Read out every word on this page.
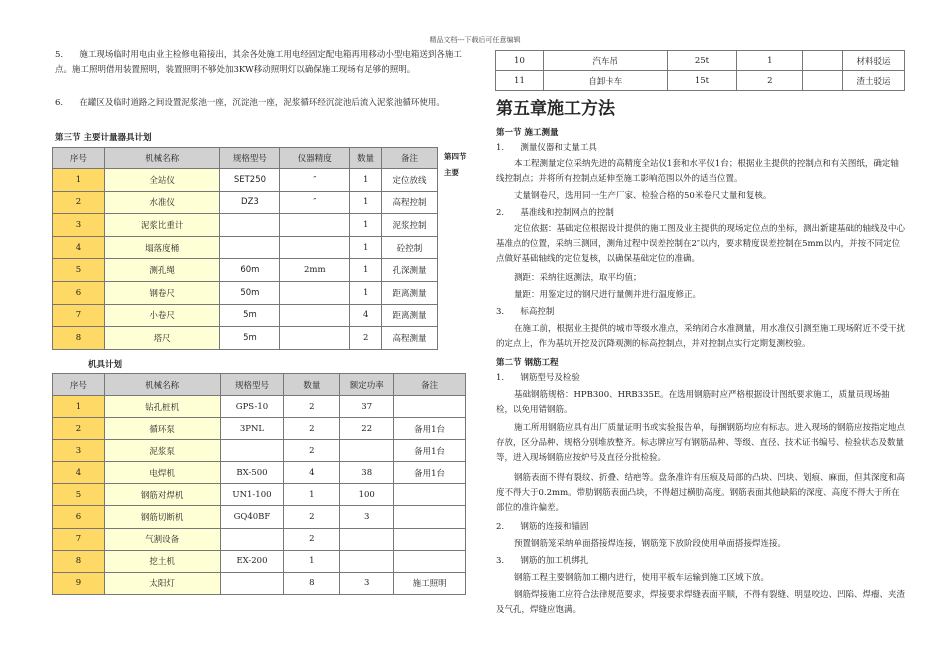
精品文档---下载后可任意编辑

5.      施工现场临时用电由业主检修电箱接出，其余各处施工用电经固定配电箱再用移动小型电箱送到各施工点。施工照明借用装置照明，装置照明不够处加3KW移动照明灯以确保施工现场有足够的照明。

6.      在罐区及临时道路之间设置泥浆池一座，沉淀池一座，泥浆循环经沉淀池后流入泥浆池循环使用。

第三节 主要计量器具计划
序号	机械名称	规格型号	仪器精度	数量	备注
1	全站仪	SET250	″	1	定位放线
2	水准仪	DZ3	″	1	高程控制
3	泥浆比重计			1	泥浆控制
4	塌落度桶			1	砼控制
5	测孔绳	60m	2mm	1	孔深测量
6	钢卷尺	50m		1	距离测量
7	小卷尺	5m		4	距离测量
8	塔尺	5m		2	高程测量
第四节
主要
机具计划
序号	机械名称	规格型号	数量	额定功率	备注
1	钻孔桩机	GPS-10	2	37	
2	循环泵	3PNL	2	22	备用1台
3	泥浆泵		2		备用1台
4	电焊机	BX-500	4	38	备用1台
5	钢筋对焊机	UN1-100	1	100	
6	钢筋切断机	GQ40BF	2	3	
7	气割设备		2		
8	挖土机	EX-200	1		
9	太阳灯		8	3	施工照明
10	汽车吊	25t	1		材料驳运
11	自卸卡车	15t	2		渣土驳运
第五章施工方法
第一节 施工测量

1.      测量仪器和丈量工具

本工程测量定位采纳先进的高精度全站仪1套和水平仪1台；根据业主提供的控制点和有关图纸，确定轴线控制点；并将所有控制点延伸至施工影响范围以外的适当位置。

丈量钢卷尺，选用同一生产厂家、检验合格的50米卷尺丈量和复核。

2.      基准线和控制网点的控制

定位依据：基础定位根据设计提供的施工图及业主提供的现场定位点的坐标，测出新建基础的轴线及中心基准点的位置，采纳三测回，测角过程中误差控制在2″以内，要求精度误差控制在5mm以内，并按不同定位点做好基础轴线的定位复核，以确保基础定位的准确。

测距：采纳往返测法，取平均值；

量距：用鉴定过的钢尺进行量侧并进行温度修正。

3.      标高控制

在施工前，根据业主提供的城市等级水准点，采纳闭合水准测量，用水准仪引测至施工现场附近不受干扰的定点上，作为基坑开挖及沉降观测的标高控制点，并对控制点实行定期复测校验。

第二节 钢筋工程

1.      钢筋型号及检验

基础钢筋规格：HPB300、HRB335E。在选用钢筋时应严格根据设计图纸要求施工，质量员现场抽检，以免用错钢筋。

施工所用钢筋应具有出厂质量证明书或实验报告单，每捆钢筋均应有标志。进入现场的钢筋应按指定地点存放，区分品种、规格分别堆放整齐。标志牌应写有钢筋品种、等级、直径、技术证书编号、检验状态及数量等，进入现场钢筋应按炉号及直径分批检验。

钢筋表面不得有裂纹、折叠、结疤等。盘条准许有压痕及局部的凸块、凹块、划痕、麻面，但其深度和高度不得大于0.2mm。带肋钢筋表面凸块，不得超过横肋高度。钢筋表面其他缺陷的深度、高度不得大于所在部位的准许偏差。

2.      钢筋的连接和锚固

预置钢筋笼采纳单面搭接焊连接，钢筋笼下放阶段使用单面搭接焊连接。

3.      钢筋的加工机绑扎

钢筋工程主要钢筋加工棚内进行，使用平板车运输到施工区域下放。

钢筋焊接施工应符合法律规范要求，焊接要求焊缝表面平顺，不得有裂缝、明显咬边、凹陷、焊瘤、夹渣及气孔，焊缝应饱满。
